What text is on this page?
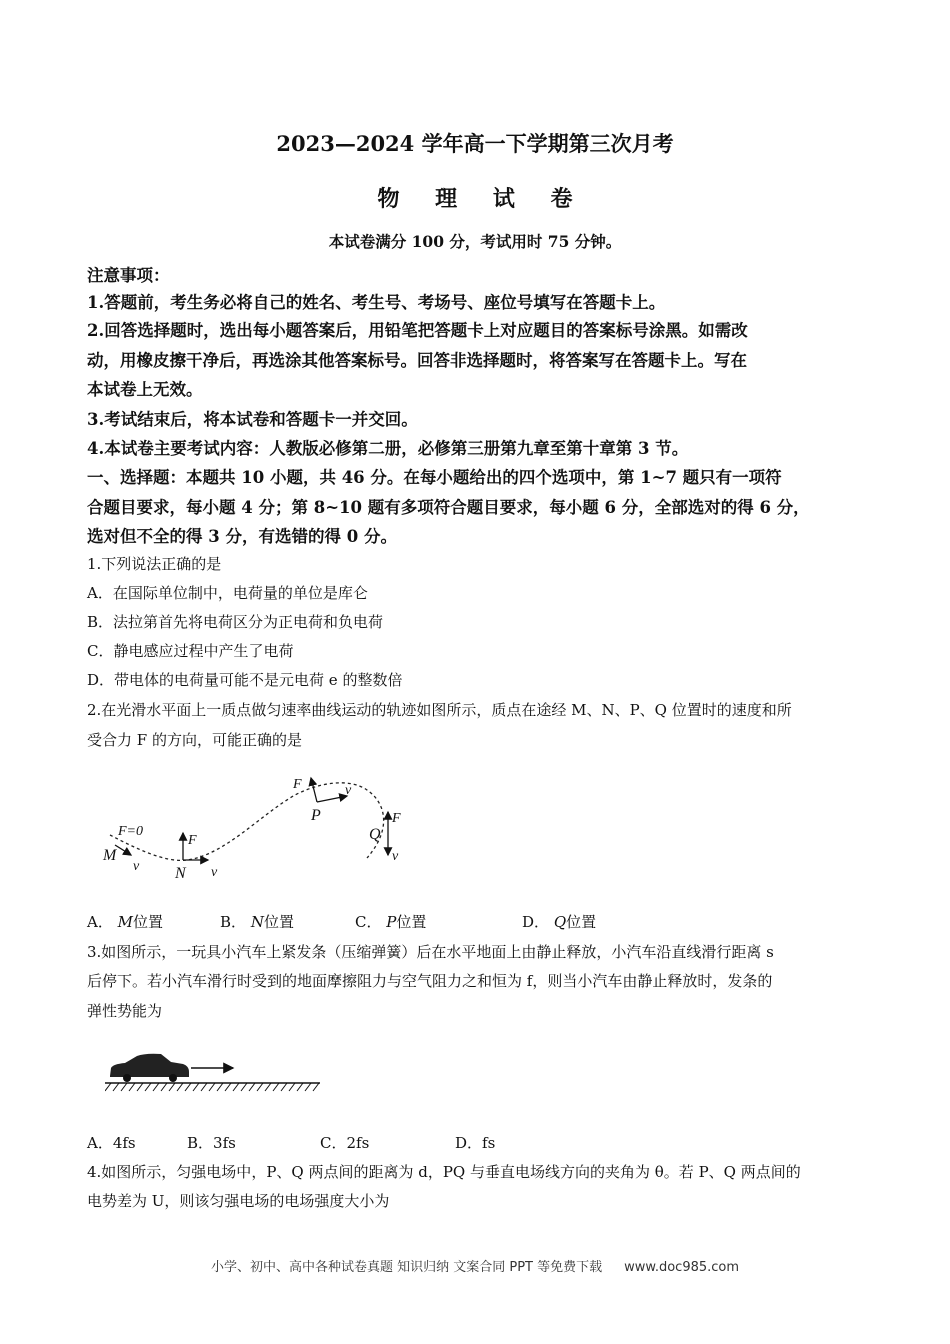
2023—2024 学年高一下学期第三次月考
物 理 试 卷
本试卷满分 100 分，考试用时 75 分钟。
注意事项：
1.答题前，考生务必将自己的姓名、考生号、考场号、座位号填写在答题卡上。
2.回答选择题时，选出每小题答案后，用铅笔把答题卡上对应题目的答案标号涂黑。如需改
动，用橡皮擦干净后，再选涂其他答案标号。回答非选择题时，将答案写在答题卡上。写在
本试卷上无效。
3.考试结束后，将本试卷和答题卡一并交回。
4.本试卷主要考试内容：人教版必修第二册，必修第三册第九章至第十章第 3 节。
一、选择题：本题共 10 小题，共 46 分。在每小题给出的四个选项中，第 1~7 题只有一项符
合题目要求，每小题 4 分；第 8~10 题有多项符合题目要求，每小题 6 分，全部选对的得 6 分，
选对但不全的得 3 分，有选错的得 0 分。
1.下列说法正确的是
A．在国际单位制中，电荷量的单位是库仑
B．法拉第首先将电荷区分为正电荷和负电荷
C．静电感应过程中产生了电荷
D．带电体的电荷量可能不是元电荷 e 的整数倍
2.在光滑水平面上一质点做匀速率曲线运动的轨迹如图所示，质点在途经 M、N、P、Q 位置时的速度和所
受合力 F 的方向，可能正确的是
F=0
M
v
F
N v
F	v
P	F
v
Q
A． M位置	B． N位置	C． P位置	D． Q位置
3.如图所示，一玩具小汽车上紧发条（压缩弹簧）后在水平地面上由静止释放，小汽车沿直线滑行距离 s
后停下。若小汽车滑行时受到的地面摩擦阻力与空气阻力之和恒为 f，则当小汽车由静止释放时，发条的
弹性势能为
A．4fs	B．3fs	C．2fs	D．fs
4.如图所示，匀强电场中，P、Q 两点间的距离为 d，PQ 与垂直电场线方向的夹角为 θ。若 P、Q 两点间的
电势差为 U，则该匀强电场的电场强度大小为
小学、初中、高中各种试卷真题 知识归纳 文案合同 PPT 等免费下载 www.doc985.com
